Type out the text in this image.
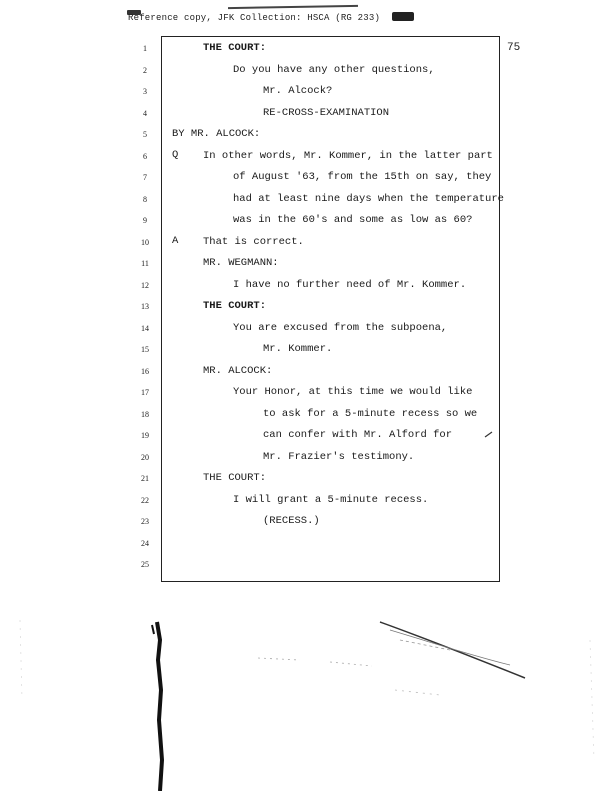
Reference copy, JFK Collection: HSCA (RG 233)
75
1
2
3
4
5
6
7
8
9
10
11
12
13
14
15
16
17
18
19
20
21
22
23
24
25
Q
A
THE COURT:
Do you have any other questions,
Mr. Alcock?
RE-CROSS-EXAMINATION
BY MR. ALCOCK:
In other words, Mr. Kommer, in the latter part
of August '63, from the 15th on say, they
had at least nine days when the temperature
was in the 60's and some as low as 60?
That is correct.
MR. WEGMANN:
I have no further need of Mr. Kommer.
THE COURT:
You are excused from the subpoena,
Mr. Kommer.
MR. ALCOCK:
Your Honor, at this time we would like
to ask for a 5-minute recess so we
can confer with Mr. Alford for
Mr. Frazier's testimony.
THE COURT:
I will grant a 5-minute recess.
(RECESS.)
